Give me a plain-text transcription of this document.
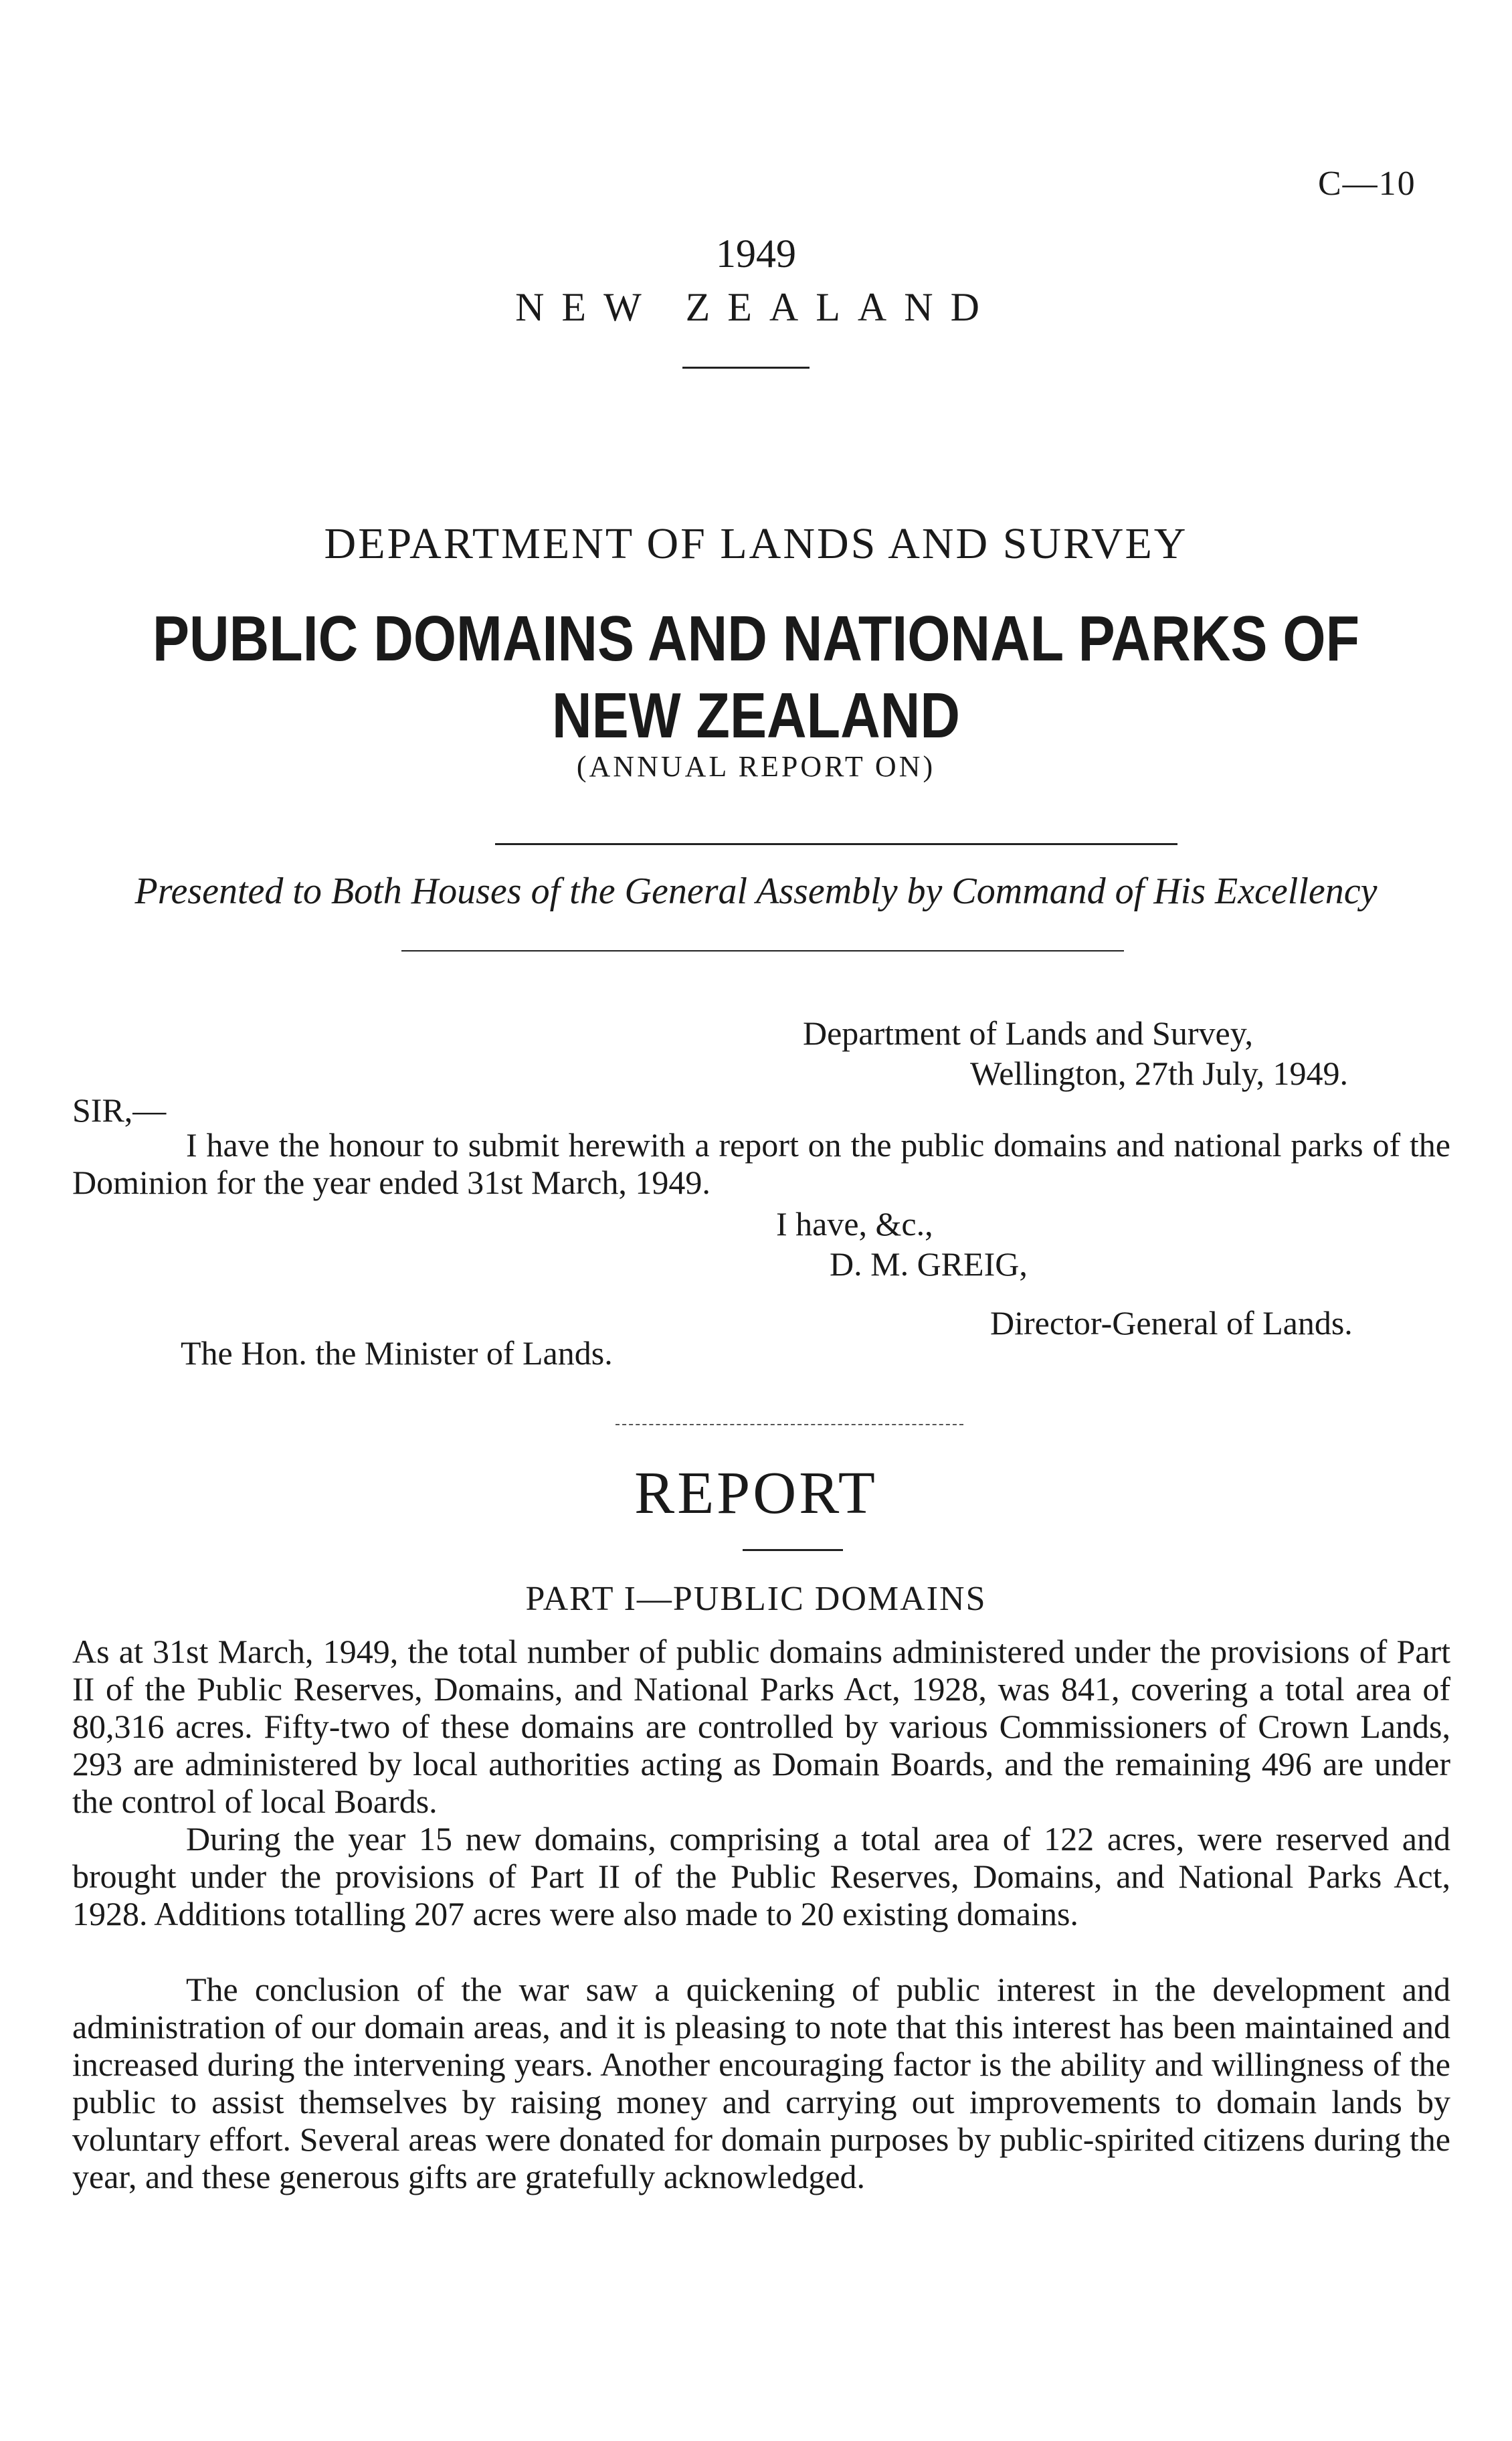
C—10
1949
NEW ZEALAND
DEPARTMENT OF LANDS AND SURVEY
PUBLIC DOMAINS AND NATIONAL PARKS OF
NEW ZEALAND
(ANNUAL REPORT ON)
Presented to Both Houses of the General Assembly by Command of His Excellency
Department of Lands and Survey,
Wellington, 27th July, 1949.
SIR,—

I have the honour to submit herewith a report on the public domains and national parks of the Dominion for the year ended 31st March, 1949.

I have, &c.,
D. M. GREIG,
Director-General of Lands.
The Hon. the Minister of Lands.
REPORT
PART I—PUBLIC DOMAINS

As at 31st March, 1949, the total number of public domains administered under the provisions of Part II of the Public Reserves, Domains, and National Parks Act, 1928, was 841, covering a total area of 80,316 acres. Fifty-two of these domains are controlled by various Commissioners of Crown Lands, 293 are administered by local authorities acting as Domain Boards, and the remaining 496 are under the control of local Boards.

During the year 15 new domains, comprising a total area of 122 acres, were reserved and brought under the provisions of Part II of the Public Reserves, Domains, and National Parks Act, 1928. Additions totalling 207 acres were also made to 20 existing domains.

The conclusion of the war saw a quickening of public interest in the development and administration of our domain areas, and it is pleasing to note that this interest has been maintained and increased during the intervening years. Another encouraging factor is the ability and willingness of the public to assist themselves by raising money and carrying out improvements to domain lands by voluntary effort. Several areas were donated for domain purposes by public-spirited citizens during the year, and these generous gifts are gratefully acknowledged.
